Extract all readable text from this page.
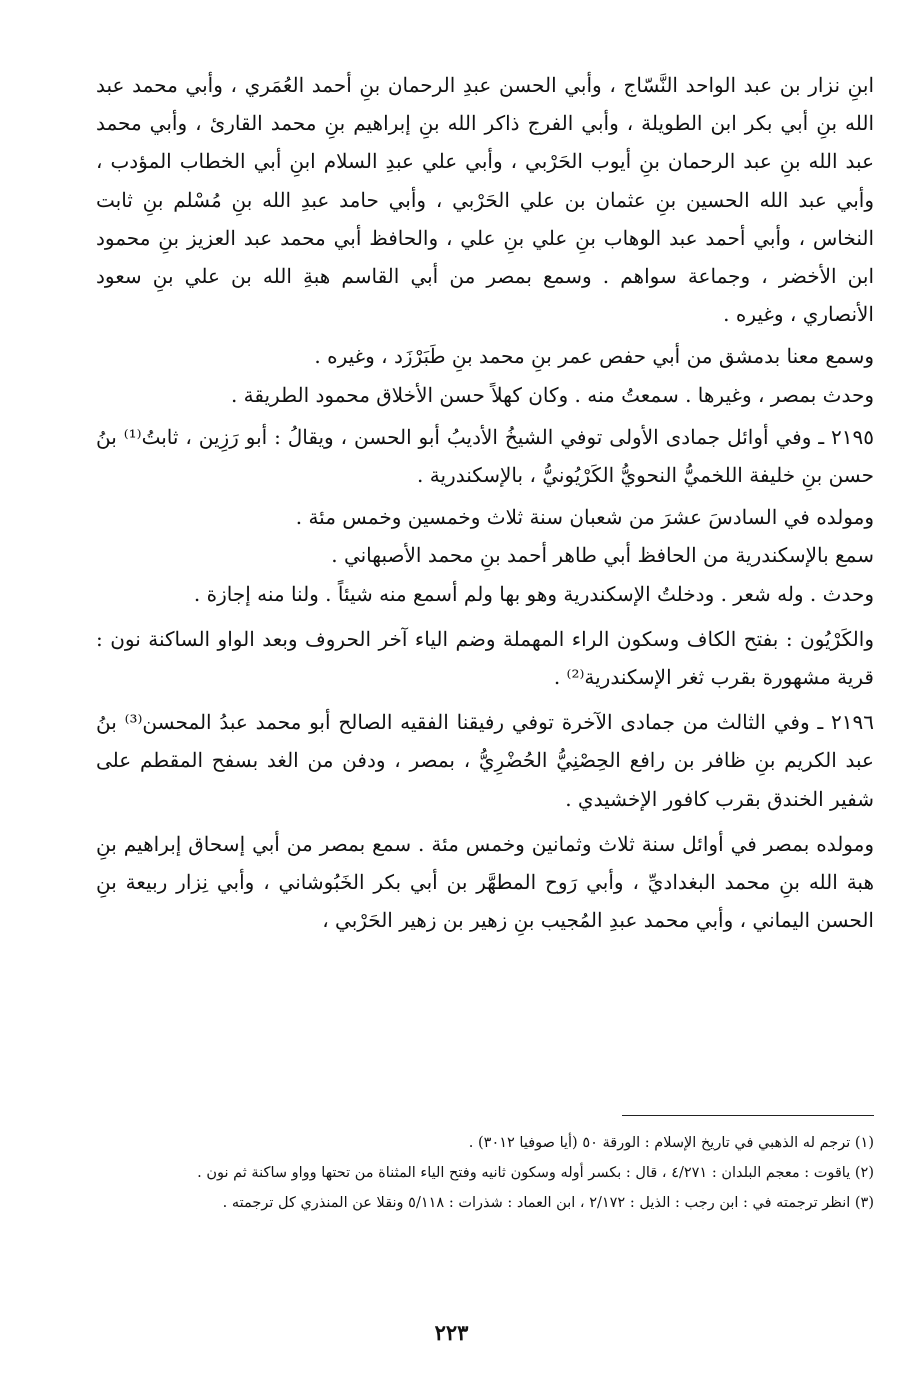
ابنِ نزار بن عبد الواحد النَّسّاج ، وأبي الحسن عبدِ الرحمان بنِ أحمد العُمَري ، وأبي محمد عبد الله بنِ أبي بكر ابن الطويلة ، وأبي الفرج ذاكر الله بنِ إبراهيم بنِ محمد القارئ ، وأبي محمد عبد الله بنِ عبد الرحمان بنِ أيوب الحَرْبي ، وأبي علي عبدِ السلام ابنِ أبي الخطاب المؤدب ، وأبي عبد الله الحسين بنِ عثمان بن علي الحَرْبي ، وأبي حامد عبدِ الله بنِ مُسْلم بنِ ثابت النخاس ، وأبي أحمد عبد الوهاب بنِ علي بنِ علي ، والحافظ أبي محمد عبد العزيز بنِ محمود ابن الأخضر ، وجماعة سواهم . وسمع بمصر من أبي القاسم هبةِ الله بن علي بنِ سعود الأنصاري ، وغيره .

وسمع معنا بدمشق من أبي حفص عمر بنِ محمد بنِ طَبَرْزَد ، وغيره .

وحدث بمصر ، وغيرها . سمعتُ منه . وكان كهلاً حسن الأخلاق محمود الطريقة .

٢١٩٥ ـ وفي أوائل جمادى الأولى توفي الشيخُ الأديبُ أبو الحسن ، ويقالُ : أبو رَزِين ، ثابتُ⁽¹⁾ بنُ حسن بنِ خليفة اللخميُّ النحويُّ الكَرْيُونيُّ ، بالإسكندرية .

ومولده في السادسَ عشرَ من شعبان سنة ثلاث وخمسين وخمس مئة .

سمع بالإسكندرية من الحافظ أبي طاهر أحمد بنِ محمد الأصبهاني .

وحدث . وله شعر . ودخلتُ الإسكندرية وهو بها ولم أسمع منه شيئاً . ولنا منه إجازة .

والكَرْيُون : بفتح الكاف وسكون الراء المهملة وضم الياء آخر الحروف وبعد الواو الساكنة نون : قرية مشهورة بقرب ثغر الإسكندرية⁽²⁾ .

٢١٩٦ ـ وفي الثالث من جمادى الآخرة توفي رفيقنا الفقيه الصالح أبو محمد عبدُ المحسن⁽³⁾ بنُ عبد الكريم بنِ ظافر بن رافع الحِصْنِيُّ الحُضْرِيُّ ، بمصر ، ودفن من الغد بسفح المقطم على شفير الخندق بقرب كافور الإخشيدي .

ومولده بمصر في أوائل سنة ثلاث وثمانين وخمس مئة . سمع بمصر من أبي إسحاق إبراهيم بنِ هبة الله بنِ محمد البغداديِّ ، وأبي رَوح المطهَّر بن أبي بكر الخَبُوشاني ، وأبي نِزار ربيعة بنِ الحسن اليماني ، وأبي محمد عبدِ المُجيب بنِ زهير بن زهير الحَرْبي ،

(١) ترجم له الذهبي في تاريخ الإسلام : الورقة ٥٠ (أيا صوفيا ٣٠١٢) .

(٢) ياقوت : معجم البلدان : ٤/٢٧١ ، قال : بكسر أوله وسكون ثانيه وفتح الياء المثناة من تحتها وواو ساكنة ثم نون .

(٣) انظر ترجمته في : ابن رجب : الذيل : ٢/١٧٢ ، ابن العماد : شذرات : ٥/١١٨ ونقلا عن المنذري كل ترجمته .

٢٢٣
